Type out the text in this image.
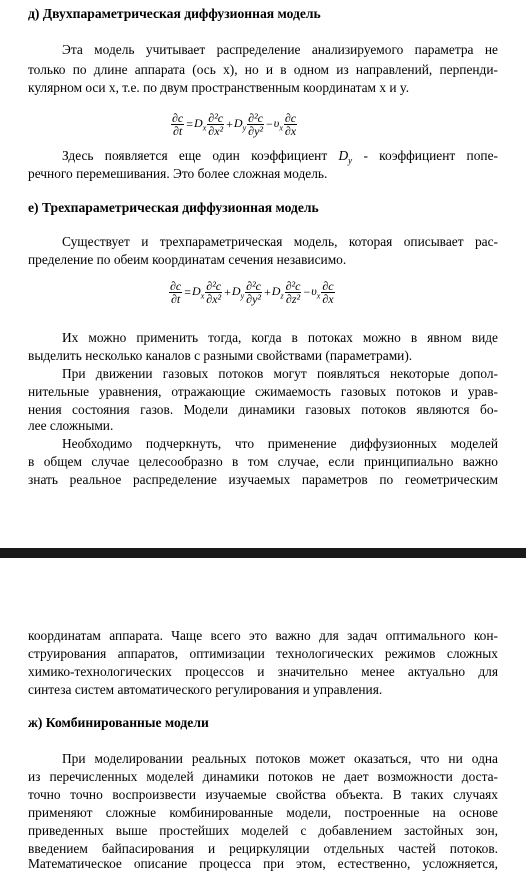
д) Двухпараметрическая диффузионная модель

Эта модель учитывает распределение анализируемого параметра не

только по длине аппарата (ось x), но и в одном из направлений, перпенди-

кулярном оси x, т.е. по двум пространственным координатам x и y.

$\frac{\partial c}{\partial t} =D_x \frac{\text{∂²c}}{\text{∂x²}} +D_y \frac{\text{∂²c}}{\text{∂y²}} -\upsilon_x \frac{\partial c}{\partial x}$

Здесь появляется еще один коэффициент $D_y$ - коэффициент попе-

речного перемешивания. Это более сложная модель.

е) Трехпараметрическая диффузионная модель

Существует и трехпараметрическая модель, которая описывает рас-

пределение по обеим координатам сечения независимо.

$\frac{\partial c}{\partial t} =D_x \frac{\text{∂²c}}{\text{∂x²}} +D_y \frac{\text{∂²c}}{\text{∂y²}} +D_z \frac{\text{∂²c}}{\text{∂z²}} -\upsilon_x \frac{\partial c}{\partial x}$

Их можно применить тогда, когда в потоках можно в явном виде

выделить несколько каналов с разными свойствами (параметрами).

При движении газовых потоков могут появляться некоторые допол-

нительные уравнения, отражающие сжимаемость газовых потоков и урав-

нения состояния газов. Модели динамики газовых потоков являются бо-

лее сложными.

Необходимо подчеркнуть, что применение диффузионных моделей

в общем случае целесообразно в том случае, если принципиально важно

знать реальное распределение изучаемых параметров по геометрическим

координатам аппарата. Чаще всего это важно для задач оптимального кон-

струирования аппаратов, оптимизации технологических режимов сложных

химико-технологических процессов и значительно менее актуально для

синтеза систем автоматического регулирования и управления.

ж) Комбинированные модели

При моделировании реальных потоков может оказаться, что ни одна

из перечисленных моделей динамики потоков не дает возможности доста-

точно точно воспроизвести изучаемые свойства объекта. В таких случаях

применяют сложные комбинированные модели, построенные на основе

приведенных выше простейших моделей с добавлением застойных зон,

введением байпасирования и рециркуляции отдельных частей потоков.

Математическое описание процесса при этом, естественно, усложняется,
